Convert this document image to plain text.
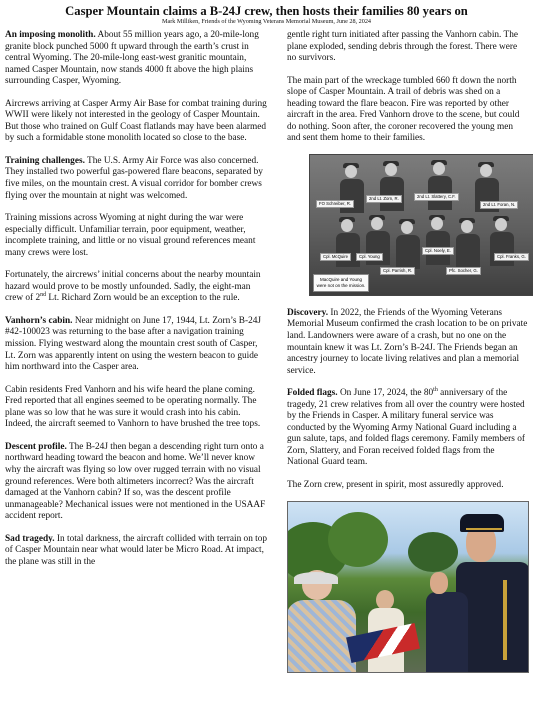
Casper Mountain claims a B-24J crew, then hosts their families 80 years on
Mark Milliken, Friends of the Wyoming Veterans Memorial Museum, June 28, 2024

An imposing monolith. About 55 million years ago, a 20-mile-long granite block punched 5000 ft upward through the earth’s crust in central Wyoming. The 20-mile-long east-west granitic mountain, named Casper Mountain, now stands 4000 ft above the high plains surrounding Casper, Wyoming.

Aircrews arriving at Casper Army Air Base for combat training during WWII were likely not interested in the geology of Casper Mountain. But those who trained on Gulf Coast flatlands may have been alarmed by such a formidable stone monolith located so close to the base.

Training challenges. The U.S. Army Air Force was also concerned. They installed two powerful gas-powered flare beacons, separated by five miles, on the mountain crest. A visual corridor for bomber crews flying over the mountain at night was welcomed.

Training missions across Wyoming at night during the war were especially difficult. Unfamiliar terrain, poor equipment, weather, incomplete training, and little or no visual ground references meant many crews were lost.

Fortunately, the aircrews’ initial concerns about the nearby mountain hazard would prove to be mostly unfounded. Sadly, the eight-man crew of 2nd Lt. Richard Zorn would be an exception to the rule.

Vanhorn’s cabin. Near midnight on June 17, 1944, Lt. Zorn’s B-24J #42-100023 was returning to the base after a navigation training mission. Flying westward along the mountain crest south of Casper, Lt. Zorn was apparently intent on using the western beacon to guide him northward into the Casper area.

Cabin residents Fred Vanhorn and his wife heard the plane coming. Fred reported that all engines seemed to be operating normally. The plane was so low that he was sure it would crash into his cabin. Indeed, the aircraft seemed to Vanhorn to have brushed the tree tops.

Descent profile. The B-24J then began a descending right turn onto a northward heading toward the beacon and home. We’ll never know why the aircraft was flying so low over rugged terrain with no visual ground references. Were both altimeters incorrect? Was the aircraft damaged at the Vanhorn cabin? If so, was the descent profile unmanageable? Mechanical issues were not mentioned in the USAAF accident report.

Sad tragedy. In total darkness, the aircraft collided with terrain on top of Casper Mountain near what would later be Micro Road. At impact, the plane was still in the

gentle right turn initiated after passing the Vanhorn cabin. The plane exploded, sending debris through the forest. There were no survivors.

The main part of the wreckage tumbled 660 ft down the north slope of Casper Mountain. A trail of debris was shed on a heading toward the flare beacon. Fire was reported by other aircraft in the area. Fred Vanhorn drove to the scene, but could do nothing. Soon after, the coroner recovered the young men and sent them home to their families.

FO Schreiber, R.
2nd Lt. Zorn, R.	2nd Lt. Slattery, C.F.
2nd Lt. Foran, N.
Cpl. McQuire	Cpl. Young
Cpl. Noely, E.
Cpl. Franks, G.
Cpl. Parrish, R.	Pfc. Socher, G.
MacQuire and Young were not on the mission.

Discovery. In 2022, the Friends of the Wyoming Veterans Memorial Museum confirmed the crash location to be on private land. Landowners were aware of a crash, but no one on the mountain knew it was Lt. Zorn’s B-24J. The Friends began an ancestry journey to locate living relatives and plan a memorial service.

Folded flags. On June 17, 2024, the 80th anniversary of the tragedy, 21 crew relatives from all over the country were hosted by the Friends in Casper. A military funeral service was conducted by the Wyoming Army National Guard including a gun salute, taps, and folded flags ceremony. Family members of Zorn, Slattery, and Foran received folded flags from the National Guard team.

The Zorn crew, present in spirit, most assuredly approved.
